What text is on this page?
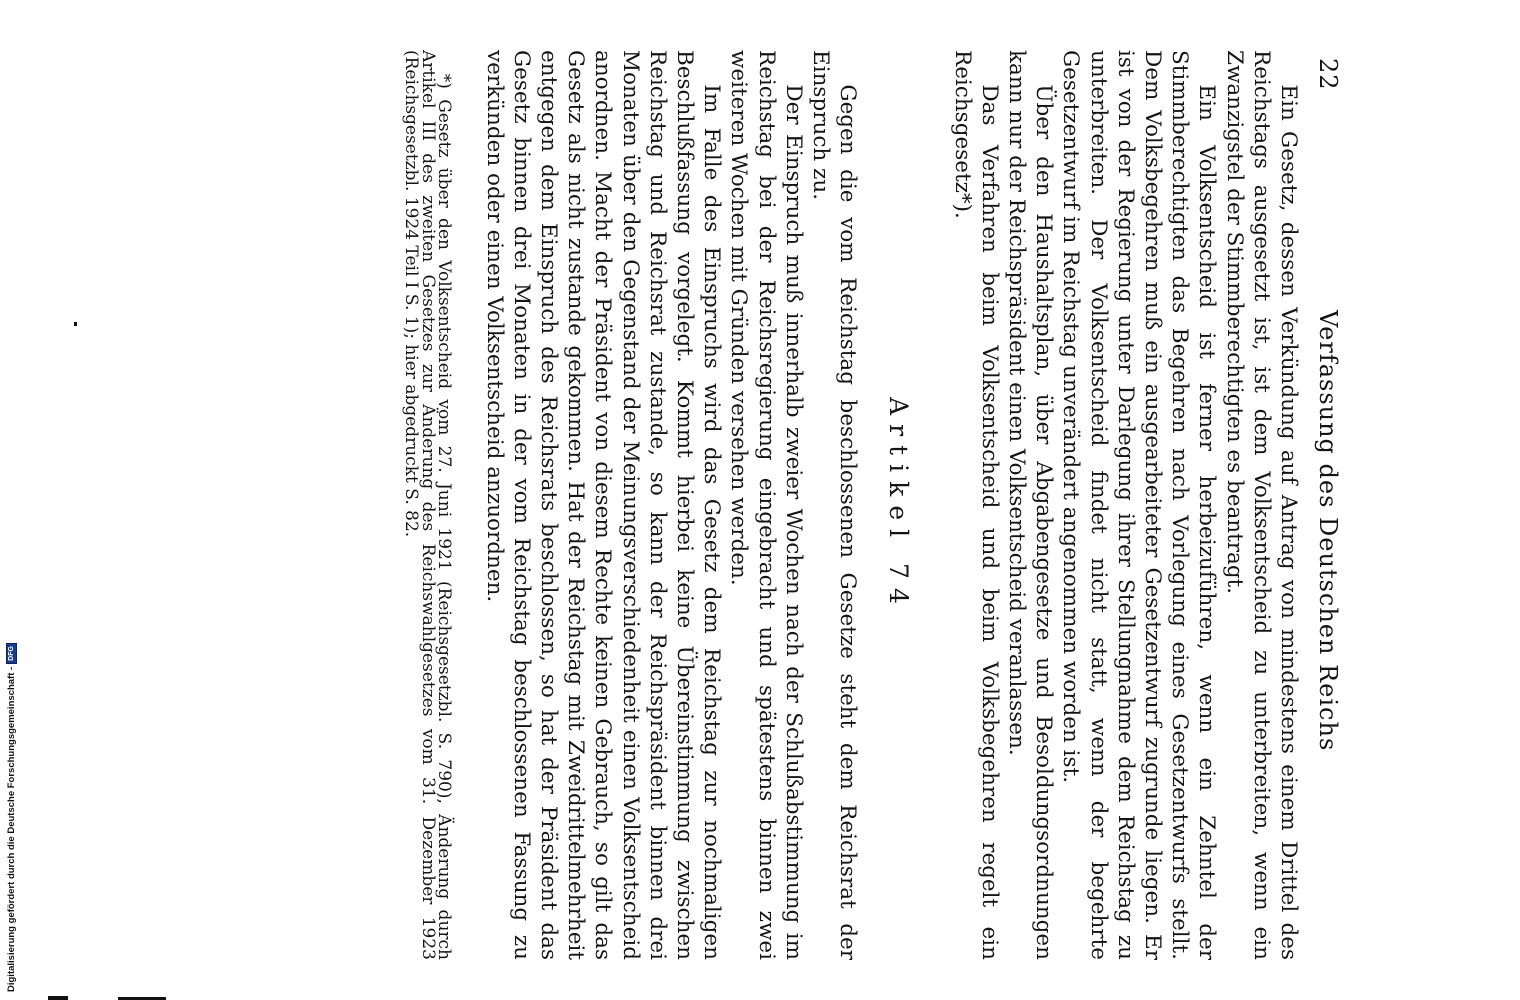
22
Verfassung des Deutschen Reichs

Ein Gesetz, dessen Verkündung auf Antrag von mindestens einem Drittel des Reichstags ausgesetzt ist, ist dem Volksentscheid zu unterbreiten, wenn ein Zwanzigstel der Stimmberechtigten es beantragt.

Ein Volksentscheid ist ferner herbeizuführen, wenn ein Zehntel der Stimmberechtigten das Begehren nach Vorlegung eines Gesetzentwurfs stellt. Dem Volksbegehren muß ein ausgearbeiteter Gesetzentwurf zugrunde liegen. Er ist von der Regierung unter Darlegung ihrer Stellungnahme dem Reichstag zu unterbreiten. Der Volksentscheid findet nicht statt, wenn der begehrte Gesetzentwurf im Reichstag unverändert angenommen worden ist.

Über den Haushaltsplan, über Abgabengesetze und Besoldungsordnungen kann nur der Reichspräsident einen Volksentscheid veranlassen.

Das Verfahren beim Volksentscheid und beim Volksbegehren regelt ein Reichsgesetz*).

Artikel 74

Gegen die vom Reichstag beschlossenen Gesetze steht dem Reichsrat der Einspruch zu.

Der Einspruch muß innerhalb zweier Wochen nach der Schlußabstimmung im Reichstag bei der Reichsregierung eingebracht und spätestens binnen zwei weiteren Wochen mit Gründen versehen werden.

Im Falle des Einspruchs wird das Gesetz dem Reichstag zur nochmaligen Beschlußfassung vorgelegt. Kommt hierbei keine Übereinstimmung zwischen Reichstag und Reichsrat zustande, so kann der Reichspräsident binnen drei Monaten über den Gegenstand der Meinungsverschiedenheit einen Volksentscheid anordnen. Macht der Präsident von diesem Rechte keinen Gebrauch, so gilt das Gesetz als nicht zustande gekommen. Hat der Reichstag mit Zweidrittelmehrheit entgegen dem Einspruch des Reichsrats beschlossen, so hat der Präsident das Gesetz binnen drei Monaten in der vom Reichstag beschlossenen Fassung zu verkünden oder einen Volksentscheid anzuordnen.

*) Gesetz über den Volksentscheid vom 27. Juni 1921 (Reichsgesetzbl. S. 790), Änderung durch Artikel III des zweiten Gesetzes zur Änderung des Reichswahlgesetzes vom 31. Dezember 1923 (Reichsgesetzbl. 1924 Teil I S. 1); hier abgedruckt S. 82.
Digitalisierung gefördert durch die Deutsche Forschungsgemeinschaft -
DFG
